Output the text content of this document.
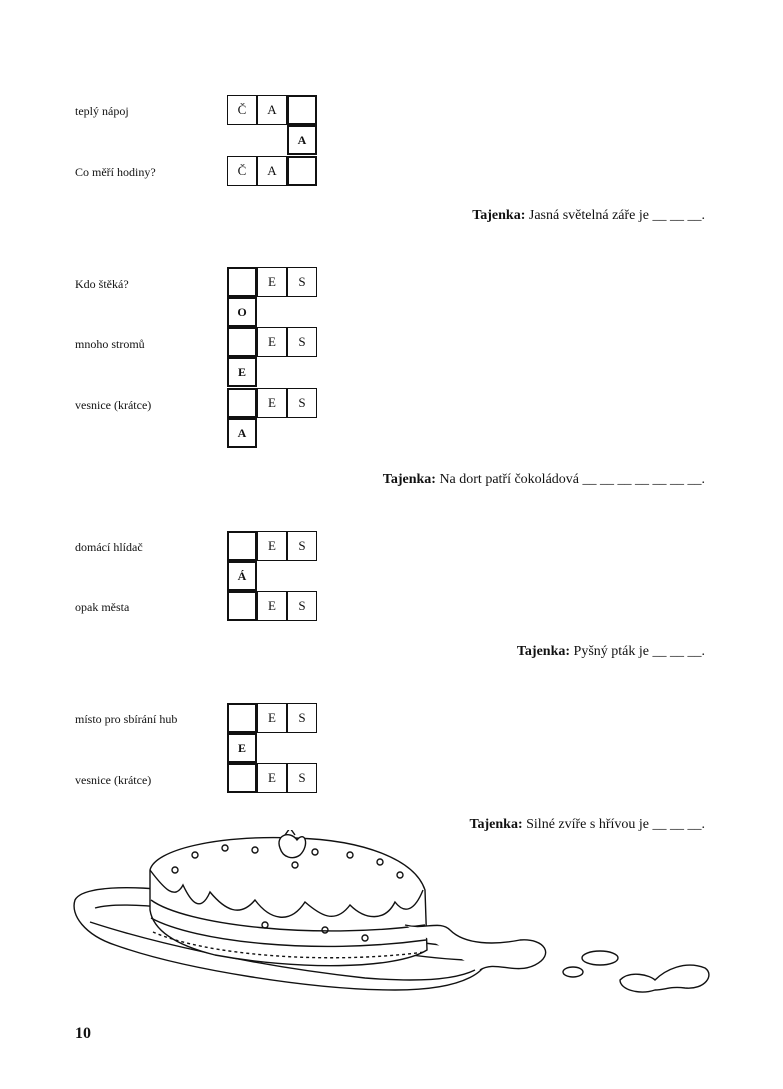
teplý nápoj	Č	A
A
Co měří hodiny?	Č	A
Tajenka: Jasná světelná záře je __ __ __.
Kdo štěká?	E	S
O
mnoho stromů	E	S
E
vesnice (krátce)	E	S
A
Tajenka: Na dort patří čokoládová __ __ __ __ __ __ __.
domácí hlídač	E	S
Á
opak města	E	S
Tajenka: Pyšný pták je __ __ __.
místo pro sbírání hub	E	S
E
vesnice (krátce)	E	S
Tajenka: Silné zvíře s hřívou je __ __ __.
10
